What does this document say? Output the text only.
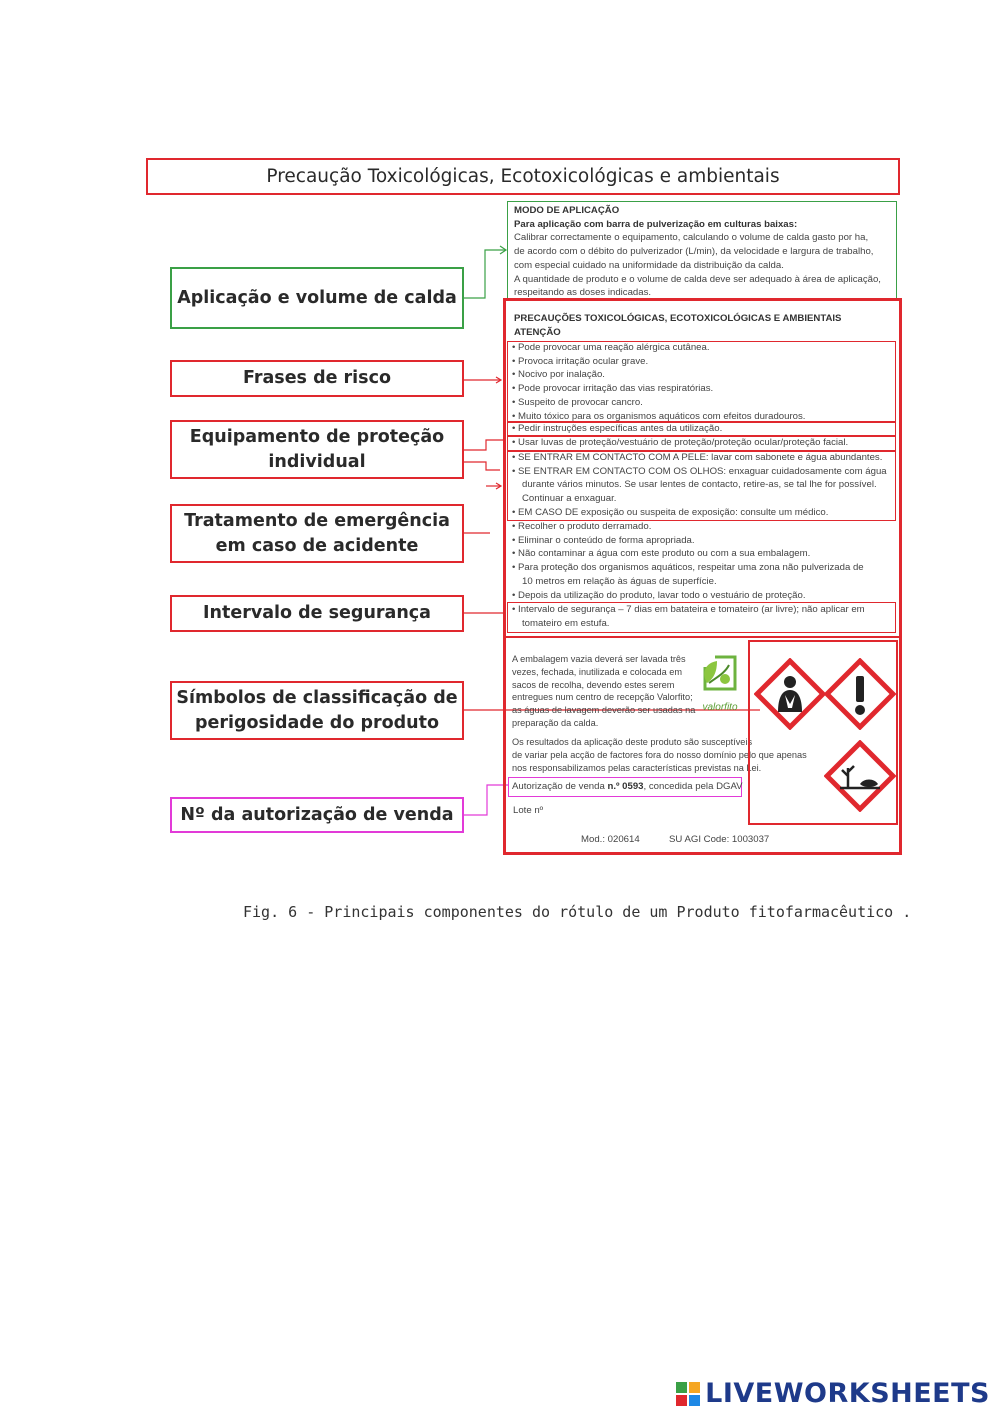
Precaução Toxicológicas, Ecotoxicológicas e ambientais
Aplicação e volume de calda
Frases de risco
Equipamento de proteção individual
Tratamento de emergência em caso de acidente
Intervalo de segurança
Símbolos de classificação de perigosidade do produto
Nº da autorização de venda
MODO DE APLICAÇÃO
Para aplicação com barra de pulverização em culturas baixas:
Calibrar correctamente o equipamento, calculando o volume de calda gasto por ha,
de acordo com o débito do pulverizador (L/min), da velocidade e largura de trabalho,
com especial cuidado na uniformidade da distribuição da calda.
A quantidade de produto e o volume de calda deve ser adequado à área de aplicação,
respeitando as doses indicadas.
PRECAUÇÕES TOXICOLÓGICAS, ECOTOXICOLÓGICAS E AMBIENTAIS
ATENÇÃO
• Pode provocar uma reação alérgica cutânea.
• Provoca irritação ocular grave.
• Nocivo por inalação.
• Pode provocar irritação das vias respiratórias.
• Suspeito de provocar cancro.
• Muito tóxico para os organismos aquáticos com efeitos duradouros.
• Pedir instruções específicas antes da utilização.
• Usar luvas de proteção/vestuário de proteção/proteção ocular/proteção facial.
• SE ENTRAR EM CONTACTO COM A PELE: lavar com sabonete e água abundantes.
• SE ENTRAR EM CONTACTO COM OS OLHOS: enxaguar cuidadosamente com água
durante vários minutos. Se usar lentes de contacto, retire-as, se tal lhe for possível.
Continuar a enxaguar.
• EM CASO DE exposição ou suspeita de exposição: consulte um médico.
• Recolher o produto derramado.
• Eliminar o conteúdo de forma apropriada.
• Não contaminar a água com este produto ou com a sua embalagem.
• Para proteção dos organismos aquáticos, respeitar uma zona não pulverizada de
10 metros em relação às águas de superfície.
• Depois da utilização do produto, lavar todo o vestuário de proteção.
• Intervalo de segurança – 7 dias em batateira e tomateiro (ar livre); não aplicar em
tomateiro em estufa.
A embalagem vazia deverá ser lavada três
vezes, fechada, inutilizada e colocada em
sacos de recolha, devendo estes serem
entregues num centro de recepção Valorfito;
as águas de lavagem deverão ser usadas na
preparação da calda.
valorfito
Os resultados da aplicação deste produto são susceptíveis
de variar pela acção de factores fora do nosso domínio pelo que apenas
nos responsabilizamos pelas características previstas na Lei.
Autorização de venda n.º 0593, concedida pela DGAV
Lote nº
Mod.: 020614	SU AGI Code: 1003037
Fig. 6 - Principais componentes do rótulo de um Produto fitofarmacêutico .
LIVEWORKSHEETS
